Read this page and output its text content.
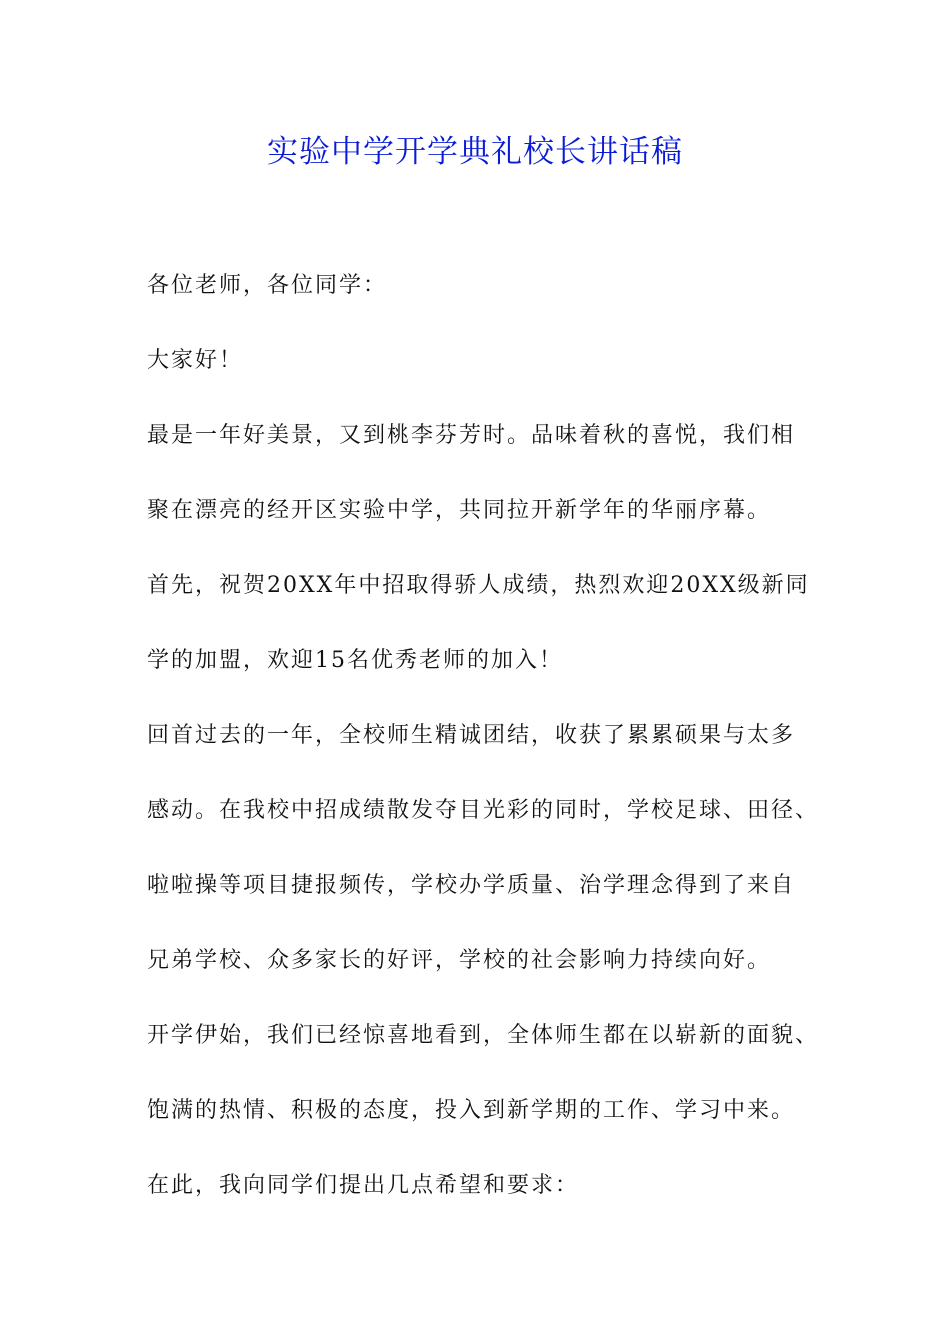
实验中学开学典礼校长讲话稿
各位老师，各位同学：
大家好！
最是一年好美景，又到桃李芬芳时。品味着秋的喜悦，我们相
聚在漂亮的经开区实验中学，共同拉开新学年的华丽序幕。
首先，祝贺20XX年中招取得骄人成绩，热烈欢迎20XX级新同
学的加盟，欢迎15名优秀老师的加入！
回首过去的一年，全校师生精诚团结，收获了累累硕果与太多
感动。在我校中招成绩散发夺目光彩的同时，学校足球、田径、
啦啦操等项目捷报频传，学校办学质量、治学理念得到了来自
兄弟学校、众多家长的好评，学校的社会影响力持续向好。
开学伊始，我们已经惊喜地看到，全体师生都在以崭新的面貌、
饱满的热情、积极的态度，投入到新学期的工作、学习中来。
在此，我向同学们提出几点希望和要求：
